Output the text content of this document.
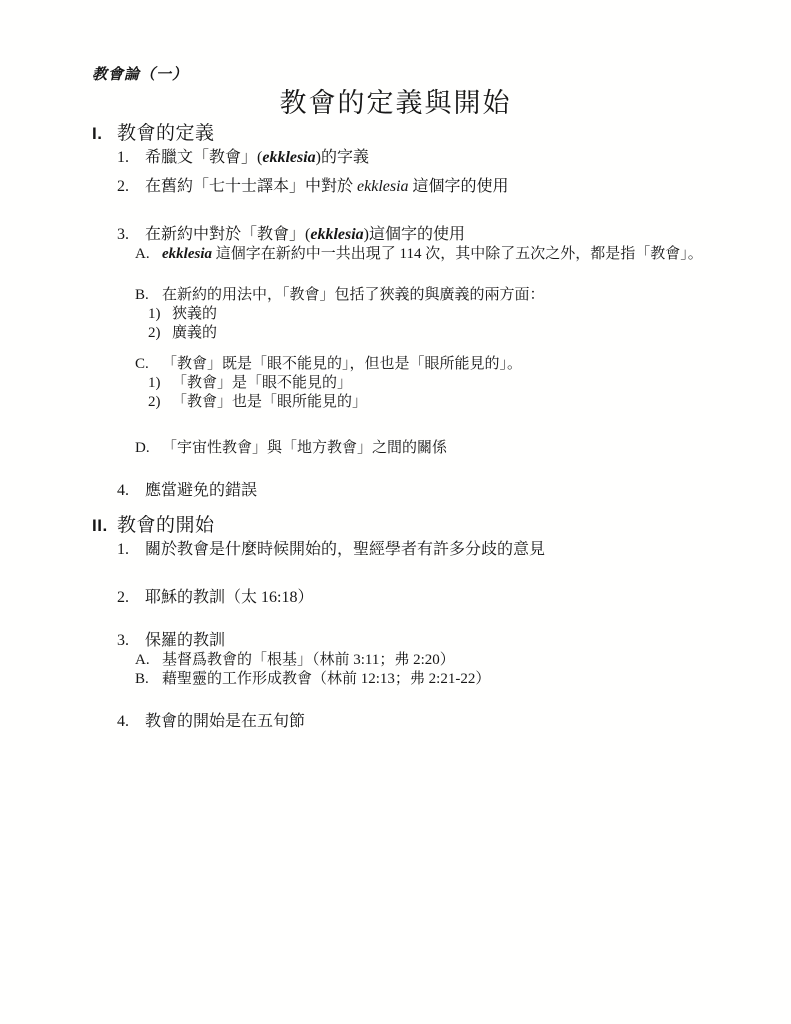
教會論（一）
教會的定義與開始
I. 教會的定義
1.	希臘文「教會」(ekklesia)的字義
2.	在舊約「七十士譯本」中對於 ekklesia 這個字的使用
3.	在新約中對於「教會」(ekklesia)這個字的使用
A. ekklesia 這個字在新約中一共出現了 114 次，其中除了五次之外，都是指「教會」。
B. 在新約的用法中，「教會」包括了狹義的與廣義的兩方面：
1) 狹義的
2) 廣義的
C. 「教會」既是「眼不能見的」，但也是「眼所能見的」。
1) 「教會」是「眼不能見的」
2) 「教會」也是「眼所能見的」
D. 「宇宙性教會」與「地方教會」之間的關係
4.	應當避免的錯誤
II. 教會的開始
1.	關於教會是什麼時候開始的，聖經學者有許多分歧的意見
2.	耶穌的教訓（太 16:18）
3.	保羅的教訓
A. 基督爲教會的「根基」（林前 3:11；弗 2:20）
B. 藉聖靈的工作形成教會（林前 12:13；弗 2:21-22）
4.	教會的開始是在五旬節
